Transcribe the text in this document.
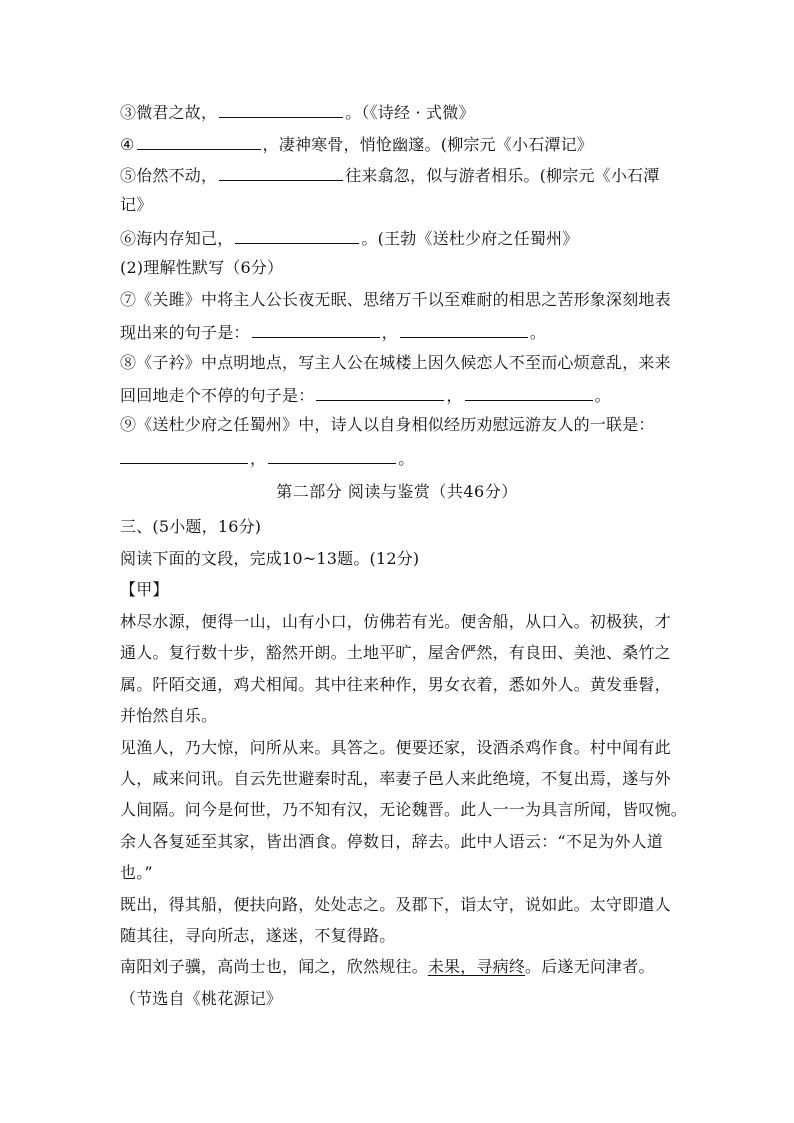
③微君之故，	。（《诗经 · 式微》
④	，凄神寒骨，悄怆幽邃。(柳宗元《小石潭记》
⑤佁然不动，	往来翕忽，似与游者相乐。(柳宗元《小石潭
记》
⑥海内存知己，	。(王勃《送杜少府之任蜀州》
(2)理解性默写（6分）
⑦《关雎》中将主人公长夜无眠、思绪万千以至难耐的相思之苦形象深刻地表
现出来的句子是：	，	。
⑧《子衿》中点明地点，写主人公在城楼上因久候恋人不至而心烦意乱，来来
回回地走个不停的句子是：	，	。
⑨《送杜少府之任蜀州》中，诗人以自身相似经历劝慰远游友人的一联是：
，	。
第二部分 阅读与鉴赏（共46分）
三、(5小题，16分)
阅读下面的文段，完成10~13题。(12分)
【甲】
林尽水源，便得一山，山有小口，仿佛若有光。便舍船，从口入。初极狭，才
通人。复行数十步，豁然开朗。土地平旷，屋舍俨然，有良田、美池、桑竹之
属。阡陌交通，鸡犬相闻。其中往来种作，男女衣着，悉如外人。黄发垂髫，
并怡然自乐。
见渔人，乃大惊，问所从来。具答之。便要还家，设酒杀鸡作食。村中闻有此
人，咸来问讯。自云先世避秦时乱，率妻子邑人来此绝境，不复出焉，遂与外
人间隔。问今是何世，乃不知有汉，无论魏晋。此人一一为具言所闻，皆叹惋。
余人各复延至其家，皆出酒食。停数日，辞去。此中人语云：“不足为外人道
也。”
既出，得其船，便扶向路，处处志之。及郡下，诣太守，说如此。太守即遣人
随其往，寻向所志，遂迷，不复得路。
南阳刘子骥，高尚士也，闻之，欣然规往。未果，寻病终。后遂无问津者。
（节选自《桃花源记》
